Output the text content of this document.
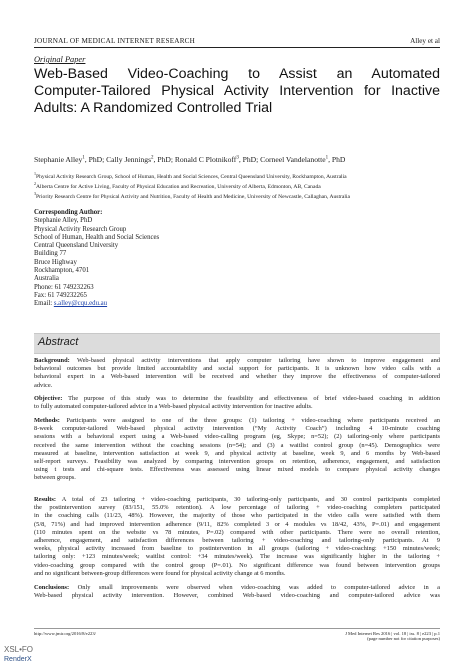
JOURNAL OF MEDICAL INTERNET RESEARCH	Alley et al
Original Paper
Web-Based Video-Coaching to Assist an Automated
Computer-Tailored Physical Activity Intervention for Inactive
Adults: A Randomized Controlled Trial
Stephanie Alley$^1$, PhD; Cally Jennings$^2$, PhD; Ronald C Plotnikoff$^3$, PhD; Corneel Vandelanotte$^1$, PhD
$^1$Physical Activity Research Group, School of Human, Health and Social Sciences, Central Queensland University, Rockhampton, Australia
$^2$Alberta Centre for Active Living, Faculty of Physical Education and Recreation, University of Alberta, Edmonton, AB, Canada
$^3$Priority Research Centre for Physical Activity and Nutrition, Faculty of Health and Medicine, University of Newcastle, Callaghan, Australia
Corresponding Author:
Stephanie Alley, PhD
Physical Activity Research Group
School of Human, Health and Social Sciences
Central Queensland University
Building 77
Bruce Highway
Rockhampton, 4701
Australia
Phone: 61 749232263
Fax: 61 749232265
Email: s.alley@cqu.edu.au
Abstract
Background: Web-based physical activity interventions that apply computer tailoring have shown to improve engagement and
behavioral outcomes but provide limited accountability and social support for participants. It is unknown how video calls with a
behavioral expert in a Web-based intervention will be received and whether they improve the effectiveness of computer-tailored
advice.
Objective: The purpose of this study was to determine the feasibility and effectiveness of brief video-based coaching in addition
to fully automated computer-tailored advice in a Web-based physical activity intervention for inactive adults.
Methods: Participants were assigned to one of the three groups: (1) tailoring + video-coaching where participants received an
8-week computer-tailored Web-based physical activity intervention (“My Activity Coach”) including 4 10-minute coaching
sessions with a behavioral expert using a Web-based video-calling program (eg, Skype; n=52); (2) tailoring-only where participants
received the same intervention without the coaching sessions (n=54); and (3) a waitlist control group (n=45). Demographics were
measured at baseline, intervention satisfaction at week 9, and physical activity at baseline, week 9, and 6 months by Web-based
self-report surveys. Feasibility was analyzed by comparing intervention groups on retention, adherence, engagement, and satisfaction
using t tests and chi-square tests. Effectiveness was assessed using linear mixed models to compare physical activity changes
between groups.
Results: A total of 23 tailoring + video-coaching participants, 30 tailoring-only participants, and 30 control participants completed
the postintervention survey (83/151, 55.0% retention). A low percentage of tailoring + video-coaching completers participated
in the coaching calls (11/23, 48%). However, the majority of those who participated in the video calls were satisfied with them
(5/8, 71%) and had improved intervention adherence (9/11, 82% completed 3 or 4 modules vs 18/42, 43%, P=.01) and engagement
(110 minutes spent on the website vs 78 minutes, P=.02) compared with other participants. There were no overall retention,
adherence, engagement, and satisfaction differences between tailoring + video-coaching and tailoring-only participants. At 9
weeks, physical activity increased from baseline to postintervention in all groups (tailoring + video-coaching: +150 minutes/week;
tailoring only: +123 minutes/week; waitlist control: +34 minutes/week). The increase was significantly higher in the tailoring +
video-coaching group compared with the control group (P=.01). No significant difference was found between intervention groups
and no significant between-group differences were found for physical activity change at 6 months.
Conclusions: Only small improvements were observed when video-coaching was added to computer-tailored advice in a
Web-based physical activity intervention. However, combined Web-based video-coaching and computer-tailored advice was
http://www.jmir.org/2016/8/e223/	J Med Internet Res 2016 | vol. 18 | iss. 8 | e223 | p.1
(page number not for citation purposes)
XSL•FO
RenderX
